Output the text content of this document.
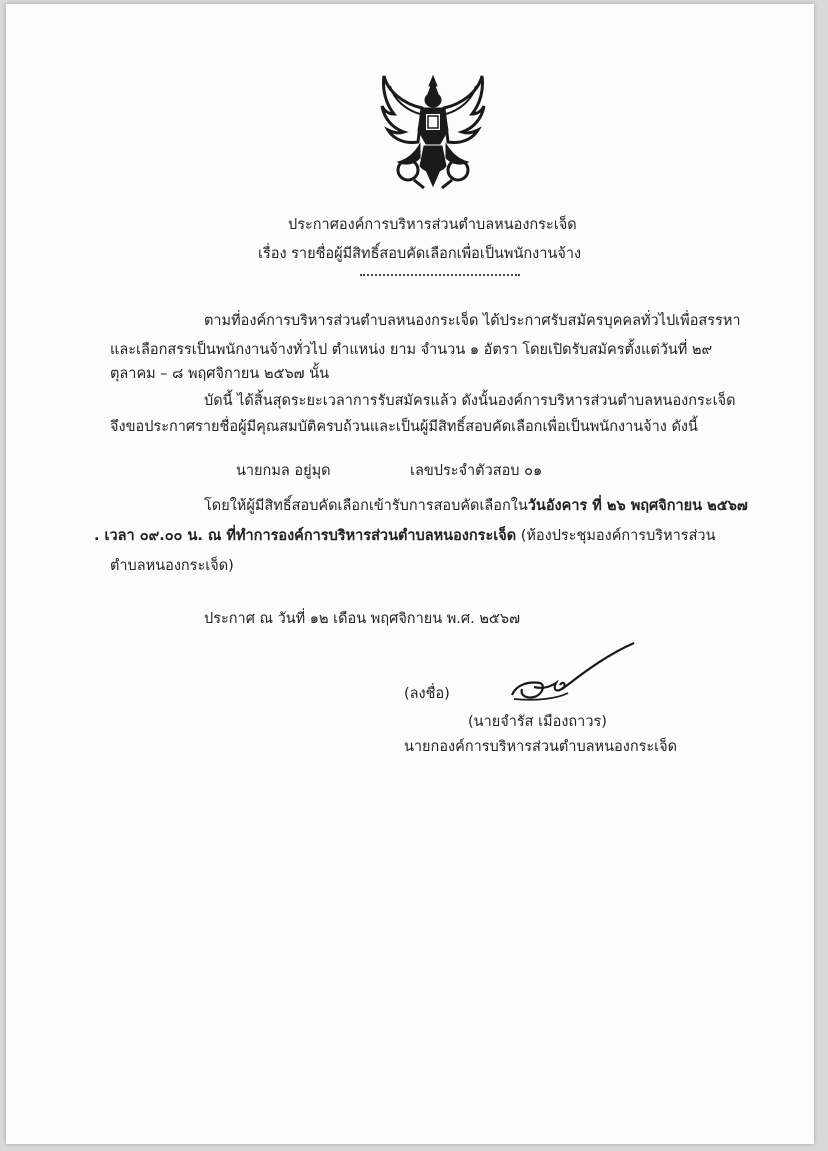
ประกาศองค์การบริหารส่วนตำบลหนองกระเจ็ด
เรื่อง รายชื่อผู้มีสิทธิ์สอบคัดเลือกเพื่อเป็นพนักงานจ้าง
ตามที่องค์การบริหารส่วนตำบลหนองกระเจ็ด ได้ประกาศรับสมัครบุคคลทั่วไปเพื่อสรรหา
และเลือกสรรเป็นพนักงานจ้างทั่วไป ตำแหน่ง ยาม จำนวน ๑ อัตรา โดยเปิดรับสมัครตั้งแต่วันที่ ๒๙
ตุลาคม – ๘ พฤศจิกายน ๒๕๖๗ นั้น
บัดนี้ ได้สิ้นสุดระยะเวลาการรับสมัครแล้ว ดังนั้นองค์การบริหารส่วนตำบลหนองกระเจ็ด
จึงขอประกาศรายชื่อผู้มีคุณสมบัติครบถ้วนและเป็นผู้มีสิทธิ์สอบคัดเลือกเพื่อเป็นพนักงานจ้าง ดังนี้
นายกมล อยู่มุด	เลขประจำตัวสอบ ๐๑
โดยให้ผู้มีสิทธิ์สอบคัดเลือกเข้ารับการสอบคัดเลือกในวันอังคาร ที่ ๒๖ พฤศจิกายน ๒๕๖๗
. เวลา ๐๙.๐๐ น. ณ ที่ทำการองค์การบริหารส่วนตำบลหนองกระเจ็ด (ห้องประชุมองค์การบริหารส่วน
ตำบลหนองกระเจ็ด)
ประกาศ ณ วันที่ ๑๒ เดือน พฤศจิกายน พ.ศ. ๒๕๖๗
(ลงชื่อ)
(นายจำรัส เมืองถาวร)
นายกองค์การบริหารส่วนตำบลหนองกระเจ็ด
